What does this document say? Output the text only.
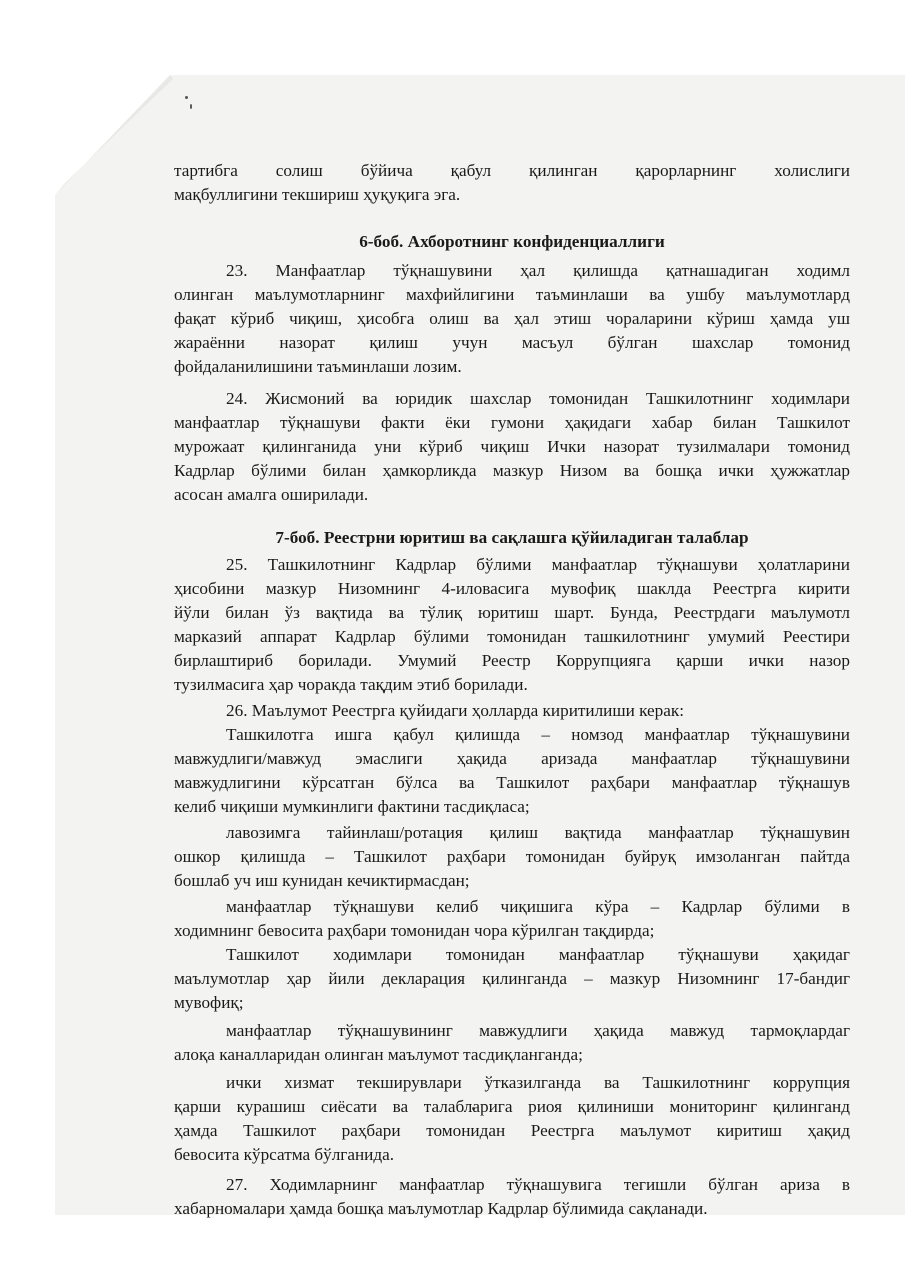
тартибга солиш бўйича қабул қилинган қарорларнинг холислиги
мақбуллигини текшириш ҳуқуқига эга.
6-боб. Ахборотнинг конфиденциаллиги
23. Манфаатлар тўқнашувини ҳал қилишда қатнашадиган ходимл
олинган маълумотларнинг махфийлигини таъминлаши ва ушбу маълумотлард
фақат кўриб чиқиш, ҳисобга олиш ва ҳал этиш чораларини кўриш ҳамда уш
жараённи назорат қилиш учун масъул бўлган шахслар томонид
фойдаланилишини таъминлаши лозим.
24. Жисмоний ва юридик шахслар томонидан Ташкилотнинг ходимлари
манфаатлар тўқнашуви факти ёки гумони ҳақидаги хабар билан Ташкилот
мурожаат қилинганида уни кўриб чиқиш Ички назорат тузилмалари томонид
Кадрлар бўлими билан ҳамкорликда мазкур Низом ва бошқа ички ҳужжатлар
асосан амалга оширилади.
7-боб. Реестрни юритиш ва сақлашга қўйиладиган талаблар
25. Ташкилотнинг Кадрлар бўлими манфаатлар тўқнашуви ҳолатларини
ҳисобини мазкур Низомнинг 4-иловасига мувофиқ шаклда Реестрга кирити
йўли билан ўз вақтида ва тўлиқ юритиш шарт. Бунда, Реестрдаги маълумотл
марказий аппарат Кадрлар бўлими томонидан ташкилотнинг умумий Реестири
бирлаштириб борилади. Умумий Реестр Коррупцияга қарши ички назор
тузилмасига ҳар чоракда тақдим этиб борилади.
26. Маълумот Реестрга қуйидаги ҳолларда киритилиши керак:
Ташкилотга ишга қабул қилишда – номзод манфаатлар тўқнашувини
мавжудлиги/мавжуд эмаслиги ҳақида аризада манфаатлар тўқнашувини
мавжудлигини кўрсатган бўлса ва Ташкилот раҳбари манфаатлар тўқнашув
келиб чиқиши мумкинлиги фактини тасдиқласа;
лавозимга тайинлаш/ротация қилиш вақтида манфаатлар тўқнашувин
ошкор қилишда – Ташкилот раҳбари томонидан буйруқ имзоланган пайтда
бошлаб уч иш кунидан кечиктирмасдан;
манфаатлар тўқнашуви келиб чиқишига кўра – Кадрлар бўлими в
ходимнинг бевосита раҳбари томонидан чора кўрилган тақдирда;
Ташкилот ходимлари томонидан манфаатлар тўқнашуви ҳақидаг
маълумотлар ҳар йили декларация қилинганда – мазкур Низомнинг 17-бандиг
мувофиқ;
манфаатлар тўқнашувининг мавжудлиги ҳақида мавжуд тармоқлардаг
алоқа каналларидан олинган маълумот тасдиқланганда;
ички хизмат текширувлари ўтказилганда ва Ташкилотнинг коррупция
қарши курашиш сиёсати ва талабларига риоя қилиниши мониторинг қилинганд
ҳамда Ташкилот раҳбари томонидан Реестрга маълумот киритиш ҳақид
бевосита кўрсатма бўлганида.
27. Ходимларнинг манфаатлар тўқнашувига тегишли бўлган ариза в
хабарномалари ҳамда бошқа маълумотлар Кадрлар бўлимида сақланади.
